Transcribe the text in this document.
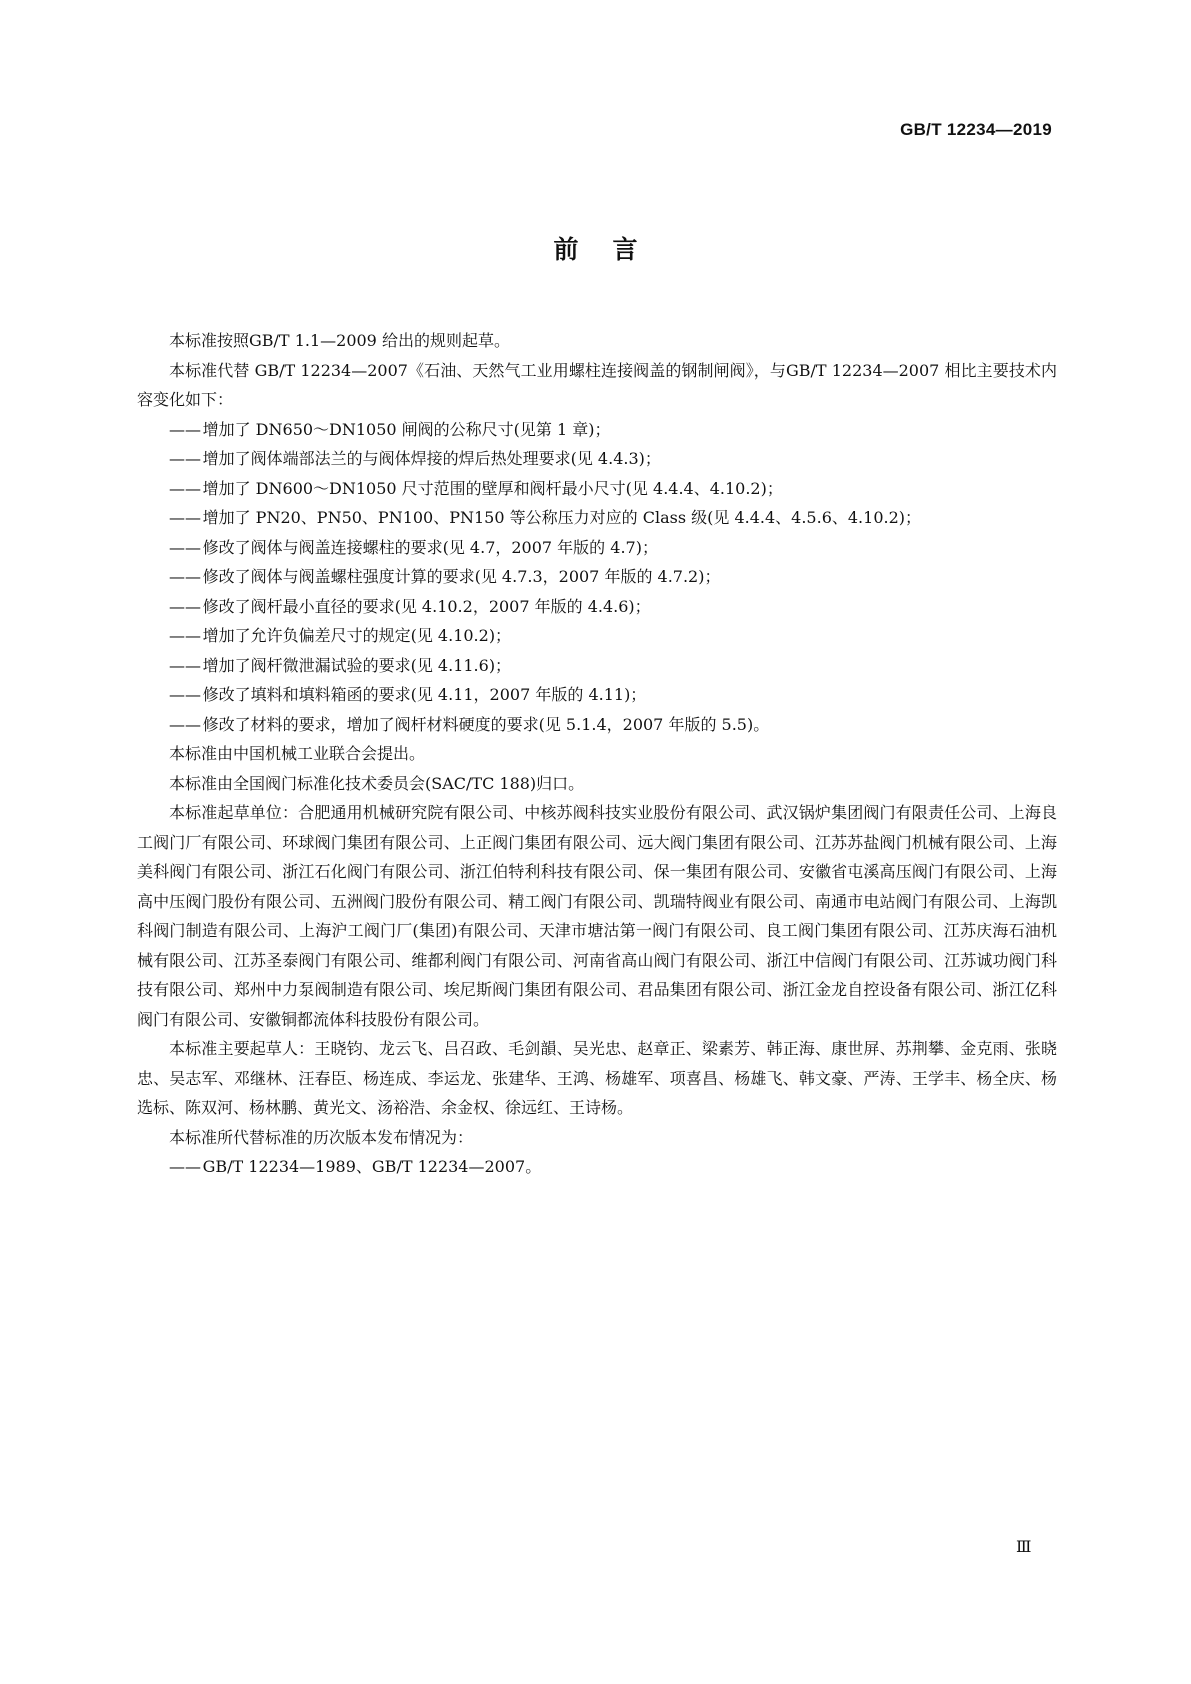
GB/T 12234—2019
前言

本标准按照GB/T 1.1—2009 给出的规则起草。

本标准代替 GB/T 12234—2007《石油、天然气工业用螺柱连接阀盖的钢制闸阀》，与GB/T 12234—2007 相比主要技术内容变化如下：

——增加了 DN650～DN1050 闸阀的公称尺寸(见第 1 章)；

——增加了阀体端部法兰的与阀体焊接的焊后热处理要求(见 4.4.3)；

——增加了 DN600～DN1050 尺寸范围的壁厚和阀杆最小尺寸(见 4.4.4、4.10.2)；

——增加了 PN20、PN50、PN100、PN150 等公称压力对应的 Class 级(见 4.4.4、4.5.6、4.10.2)；

——修改了阀体与阀盖连接螺柱的要求(见 4.7，2007 年版的 4.7)；

——修改了阀体与阀盖螺柱强度计算的要求(见 4.7.3，2007 年版的 4.7.2)；

——修改了阀杆最小直径的要求(见 4.10.2，2007 年版的 4.4.6)；

——增加了允许负偏差尺寸的规定(见 4.10.2)；

——增加了阀杆微泄漏试验的要求(见 4.11.6)；

——修改了填料和填料箱函的要求(见 4.11，2007 年版的 4.11)；

——修改了材料的要求，增加了阀杆材料硬度的要求(见 5.1.4，2007 年版的 5.5)。

本标准由中国机械工业联合会提出。

本标准由全国阀门标准化技术委员会(SAC/TC 188)归口。

本标准起草单位：合肥通用机械研究院有限公司、中核苏阀科技实业股份有限公司、武汉锅炉集团阀门有限责任公司、上海良工阀门厂有限公司、环球阀门集团有限公司、上正阀门集团有限公司、远大阀门集团有限公司、江苏苏盐阀门机械有限公司、上海美科阀门有限公司、浙江石化阀门有限公司、浙江伯特利科技有限公司、保一集团有限公司、安徽省屯溪高压阀门有限公司、上海高中压阀门股份有限公司、五洲阀门股份有限公司、精工阀门有限公司、凯瑞特阀业有限公司、南通市电站阀门有限公司、上海凯科阀门制造有限公司、上海沪工阀门厂(集团)有限公司、天津市塘沽第一阀门有限公司、良工阀门集团有限公司、江苏庆海石油机械有限公司、江苏圣泰阀门有限公司、维都利阀门有限公司、河南省高山阀门有限公司、浙江中信阀门有限公司、江苏诚功阀门科技有限公司、郑州中力泵阀制造有限公司、埃尼斯阀门集团有限公司、君品集团有限公司、浙江金龙自控设备有限公司、浙江亿科阀门有限公司、安徽铜都流体科技股份有限公司。

本标准主要起草人：王晓钧、龙云飞、吕召政、毛剑韻、吴光忠、赵章正、梁素芳、韩正海、康世屏、苏荆攀、金克雨、张晓忠、吴志军、邓继林、汪春臣、杨连成、李运龙、张建华、王鸿、杨雄军、项喜昌、杨雄飞、韩文豪、严涛、王学丰、杨全庆、杨选标、陈双河、杨林鹏、黄光文、汤裕浩、余金权、徐远红、王诗杨。

本标准所代替标准的历次版本发布情况为：

——GB/T 12234—1989、GB/T 12234—2007。

Ⅲ
